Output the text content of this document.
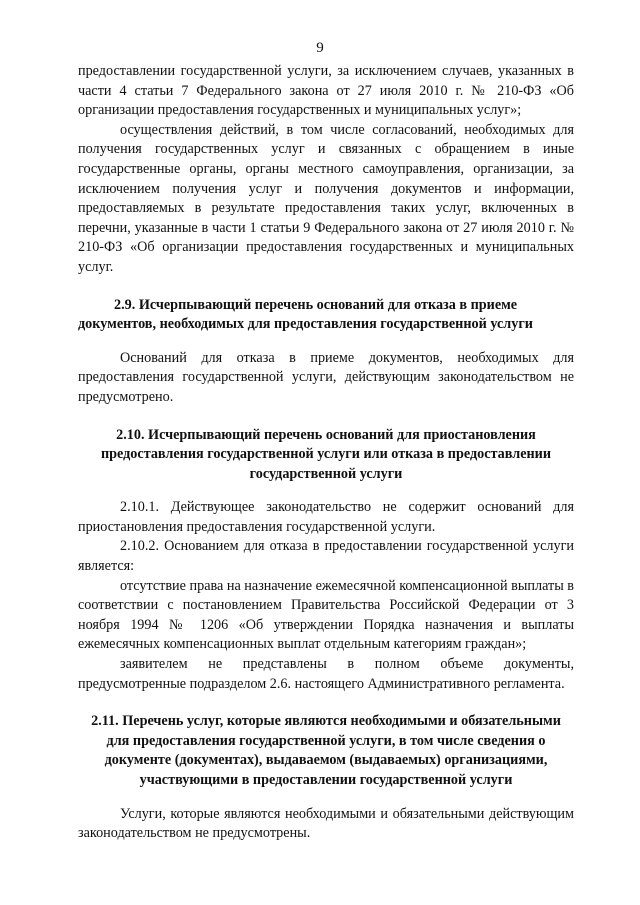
9

предоставлении государственной услуги, за исключением случаев, указанных в части 4 статьи 7 Федерального закона от 27 июля 2010 г. № 210-ФЗ «Об организации предоставления государственных и муниципальных услуг»;

осуществления действий, в том числе согласований, необходимых для получения государственных услуг и связанных с обращением в иные государственные органы, органы местного самоуправления, организации, за исключением получения услуг и получения документов и информации, предоставляемых в результате предоставления таких услуг, включенных в перечни, указанные в части 1 статьи 9 Федерального закона от 27 июля 2010 г. № 210-ФЗ «Об организации предоставления государственных и муниципальных услуг.

2.9. Исчерпывающий перечень оснований для отказа в приеме документов, необходимых для предоставления государственной услуги

Оснований для отказа в приеме документов, необходимых для предоставления государственной услуги, действующим законодательством не предусмотрено.

2.10. Исчерпывающий перечень оснований для приостановления предоставления государственной услуги или отказа в предоставлении государственной услуги

2.10.1. Действующее законодательство не содержит оснований для приостановления предоставления государственной услуги.

2.10.2. Основанием для отказа в предоставлении государственной услуги является:

отсутствие права на назначение ежемесячной компенсационной выплаты в соответствии с постановлением Правительства Российской Федерации от 3 ноября 1994 № 1206 «Об утверждении Порядка назначения и выплаты ежемесячных компенсационных выплат отдельным категориям граждан»;

заявителем не представлены в полном объеме документы, предусмотренные подразделом 2.6. настоящего Административного регламента.

2.11. Перечень услуг, которые являются необходимыми и обязательными для предоставления государственной услуги, в том числе сведения о документе (документах), выдаваемом (выдаваемых) организациями, участвующими в предоставлении государственной услуги

Услуги, которые являются необходимыми и обязательными действующим законодательством не предусмотрены.
